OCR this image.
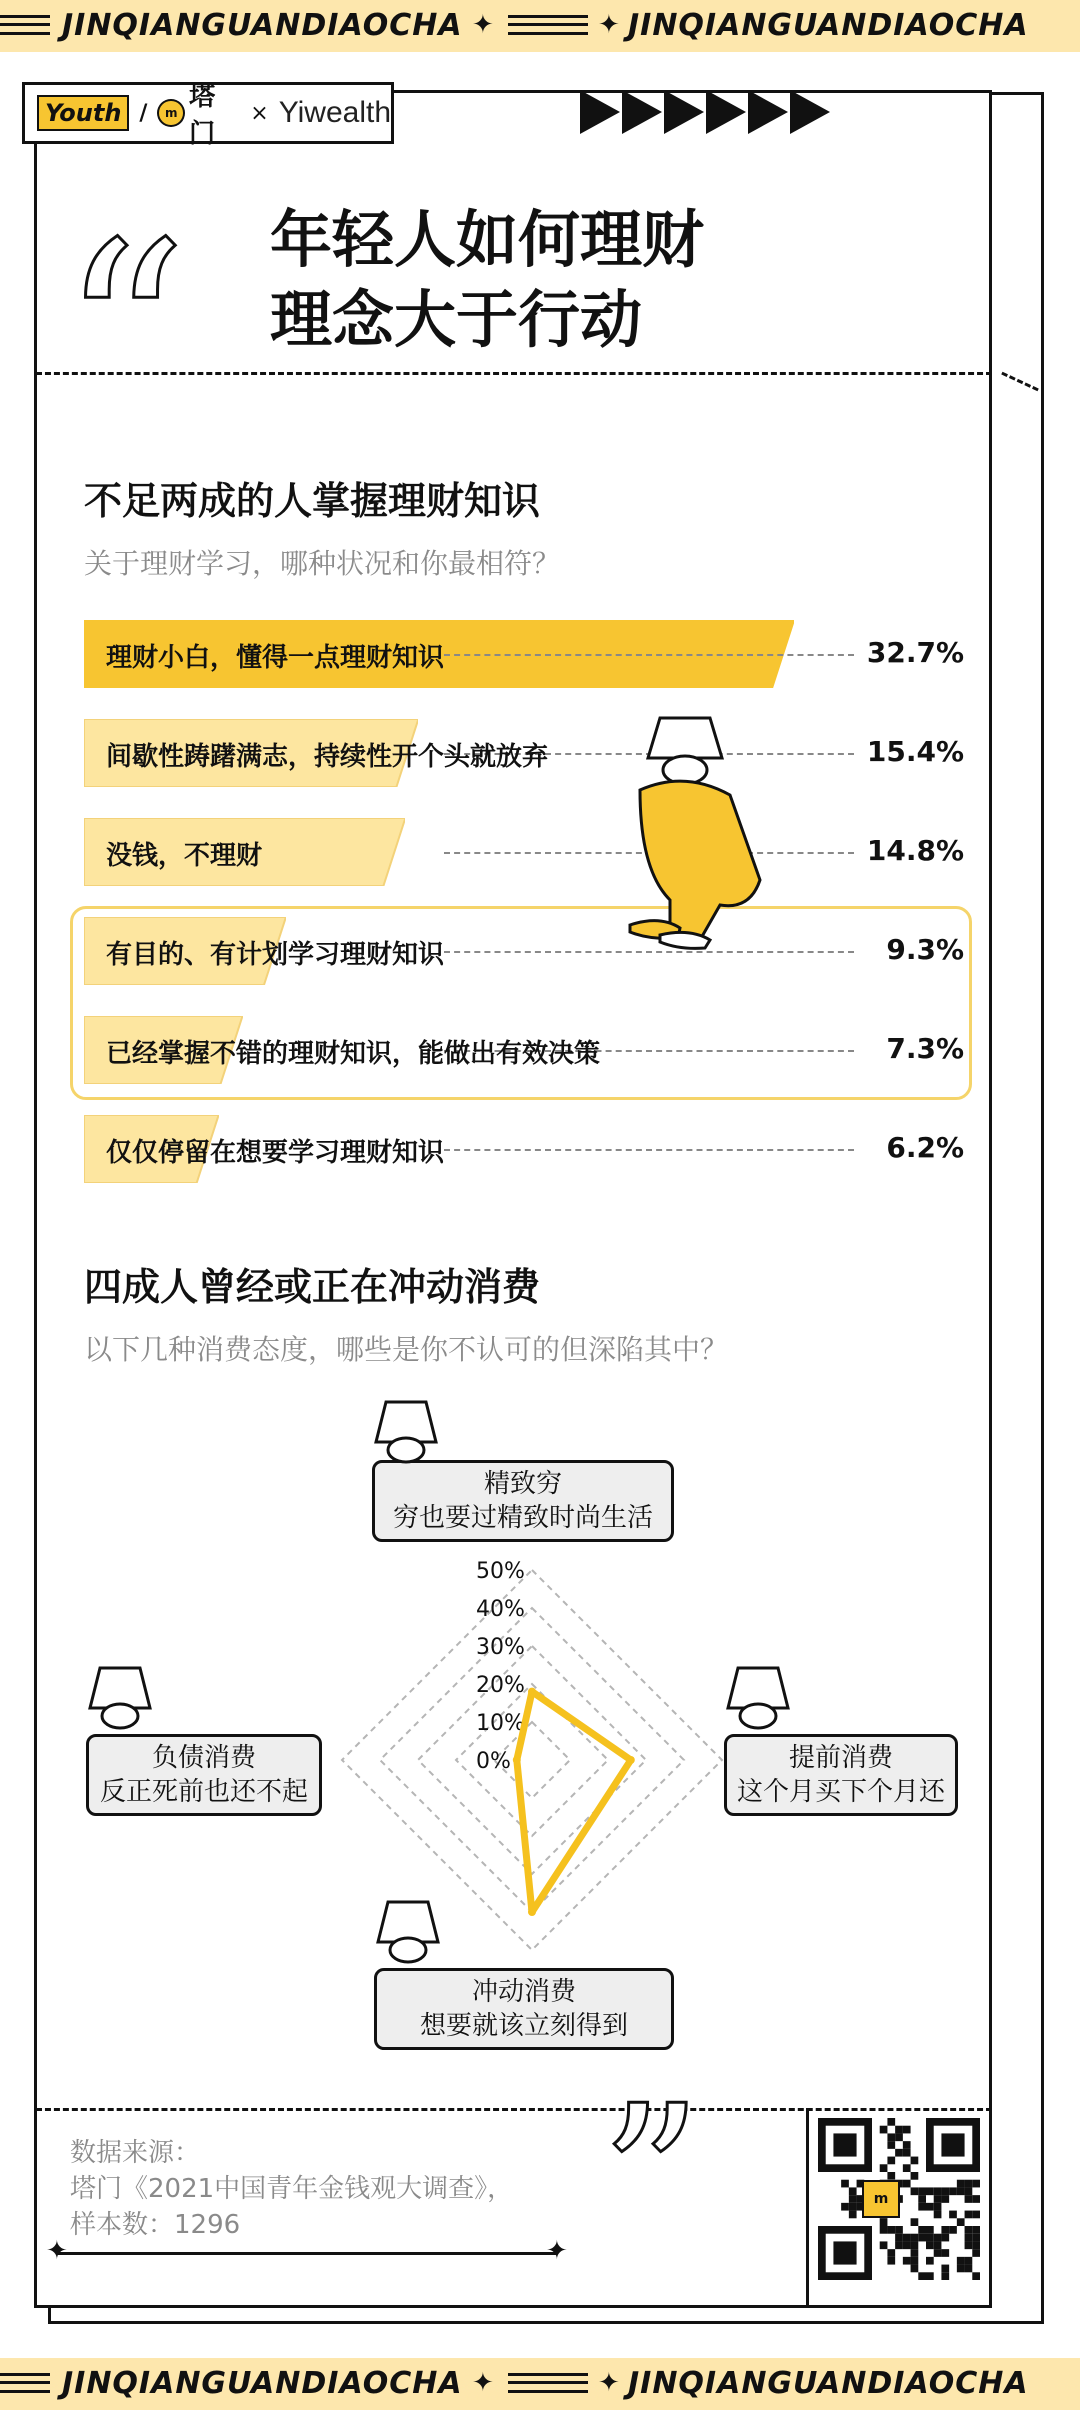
JINQIANGUANDIAOCHA ✦	✦ JINQIANGUANDIAOCHA
Youth /	m
塔门
× Yiwealth
“ 年轻人如何理财
理念大于行动
不足两成的人掌握理财知识
关于理财学习，哪种状况和你最相符？
理财小白，懂得一点理财知识	32.7%
间歇性踌躇满志，持续性开个头就放弃	15.4%
没钱，不理财	14.8%
有目的、有计划学习理财知识	9.3%
已经掌握不错的理财知识，能做出有效决策	7.3%
仅仅停留在想要学习理财知识	6.2%
四成人曾经或正在冲动消费
以下几种消费态度，哪些是你不认可的但深陷其中？
0%
10%
20%
30%
40%
50%
精致穷
穷也要过精致时尚生活
提前消费
这个月买下个月还
冲动消费
想要就该立刻得到
负债消费
反正死前也还不起
数据来源：
塔门《2021中国青年金钱观大调查》，
样本数：1296
✦	✦ ”	m
JINQIANGUANDIAOCHA ✦	✦ JINQIANGUANDIAOCHA
